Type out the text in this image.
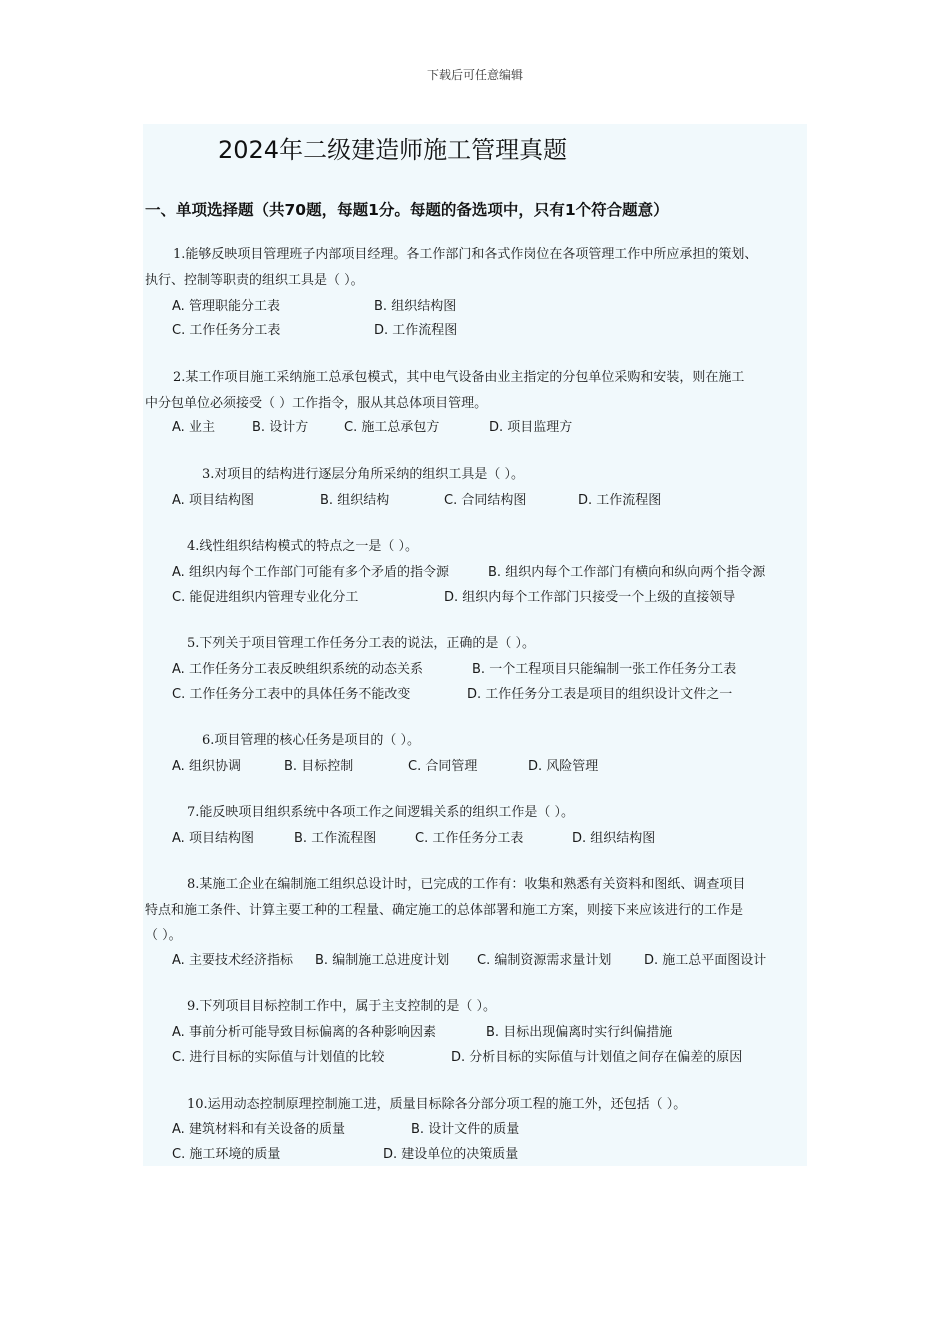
下载后可任意编辑
2024年二级建造师施工管理真题
一、单项选择题（共70题，每题1分。每题的备选项中，只有1个符合题意）
1.能够反映项目管理班子内部项目经理。各工作部门和各式作岗位在各项管理工作中所应承担的策划、
执行、控制等职责的组织工具是（ ）。
A. 管理职能分工表	B. 组织结构图
C. 工作任务分工表	D. 工作流程图
2.某工作项目施工采纳施工总承包模式，其中电气设备由业主指定的分包单位采购和安装，则在施工
中分包单位必须接受（ ）工作指令，服从其总体项目管理。
A. 业主	B. 设计方	C. 施工总承包方	D. 项目监理方
3.对项目的结构进行逐层分角所采纳的组织工具是（ ）。
A. 项目结构图	B. 组织结构	C. 合同结构图	D. 工作流程图
4.线性组织结构模式的特点之一是（ ）。
A. 组织内每个工作部门可能有多个矛盾的指令源	B. 组织内每个工作部门有横向和纵向两个指令源
C. 能促进组织内管理专业化分工	D. 组织内每个工作部门只接受一个上级的直接领导
5.下列关于项目管理工作任务分工表的说法，正确的是（ ）。
A. 工作任务分工表反映组织系统的动态关系	B. 一个工程项目只能编制一张工作任务分工表
C. 工作任务分工表中的具体任务不能改变	D. 工作任务分工表是项目的组织设计文件之一
6.项目管理的核心任务是项目的（ ）。
A. 组织协调	B. 目标控制	C. 合同管理	D. 风险管理
7.能反映项目组织系统中各项工作之间逻辑关系的组织工作是（ ）。
A. 项目结构图	B. 工作流程图	C. 工作任务分工表	D. 组织结构图
8.某施工企业在编制施工组织总设计时，已完成的工作有：收集和熟悉有关资料和图纸、调查项目
特点和施工条件、计算主要工种的工程量、确定施工的总体部署和施工方案，则接下来应该进行的工作是
（ ）。
A. 主要技术经济指标 B. 编制施工总进度计划 C. 编制资源需求量计划	D. 施工总平面图设计
9.下列项目目标控制工作中，属于主支控制的是（ ）。
A. 事前分析可能导致目标偏离的各种影响因素	B. 目标出现偏离时实行纠偏措施
C. 进行目标的实际值与计划值的比较	D. 分析目标的实际值与计划值之间存在偏差的原因
10.运用动态控制原理控制施工进，质量目标除各分部分项工程的施工外，还包括（ ）。
A. 建筑材料和有关设备的质量	B. 设计文件的质量
C. 施工环境的质量	D. 建设单位的决策质量
